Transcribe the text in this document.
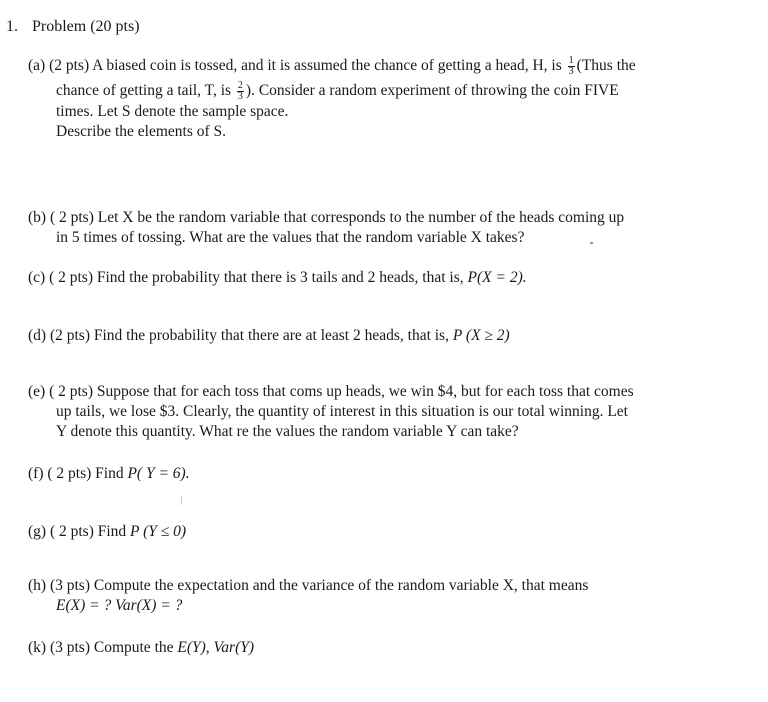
1. Problem (20 pts)
(a) (2 pts) A biased coin is tossed, and it is assumed the chance of getting a head, H, is $\frac{1}{3}$ (Thus the
chance of getting a tail, T, is $\frac{2}{3}$ ). Consider a random experiment of throwing the coin FIVE
times. Let S denote the sample space.
Describe the elements of S.
(b) ( 2 pts) Let X be the random variable that corresponds to the number of the heads coming up
in 5 times of tossing. What are the values that the random variable X takes?
(c) ( 2 pts) Find the probability that there is 3 tails and 2 heads, that is, P(X = 2).
(d) (2 pts) Find the probability that there are at least 2 heads, that is, P (X ≥ 2)
(e) ( 2 pts) Suppose that for each toss that coms up heads, we win $4, but for each toss that comes
up tails, we lose $3. Clearly, the quantity of interest in this situation is our total winning. Let
Y denote this quantity. What re the values the random variable Y can take?
(f) ( 2 pts) Find P( Y = 6).
(g) ( 2 pts) Find P (Y ≤ 0)
(h) (3 pts) Compute the expectation and the variance of the random variable X, that means
E(X) = ? Var(X) = ?
(k) (3 pts) Compute the E(Y), Var(Y)
